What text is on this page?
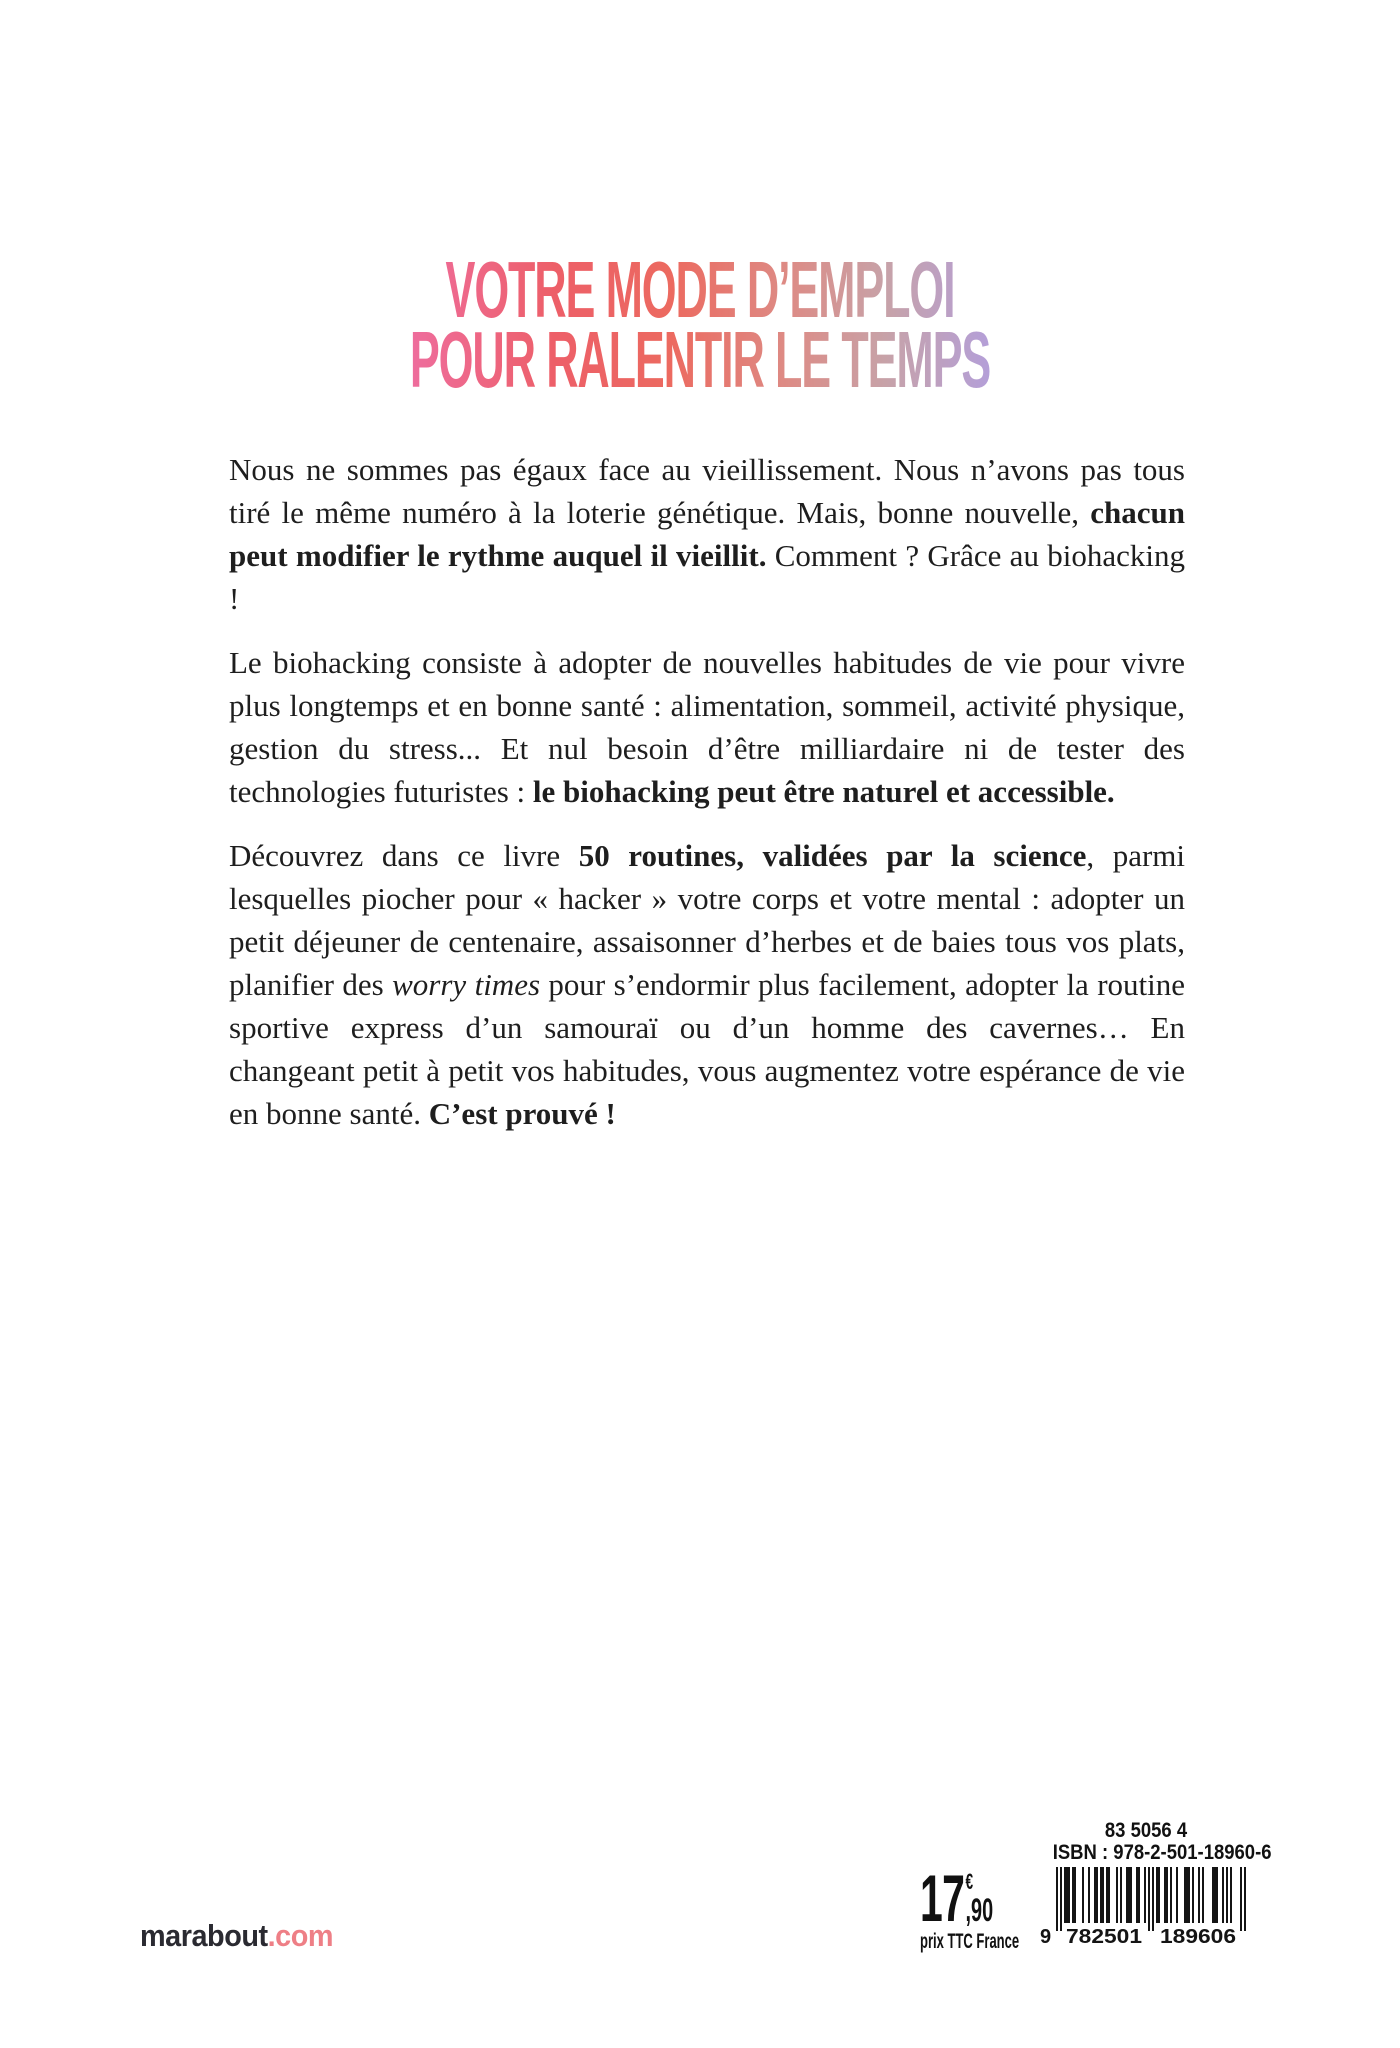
VOTRE MODE D’EMPLOI
POUR RALENTIR LE TEMPS

Nous ne sommes pas égaux face au vieillissement. Nous n’avons pas tous tiré le même numéro à la loterie génétique. Mais, bonne nouvelle, chacun peut modifier le rythme auquel il vieillit. Comment ? Grâce au biohacking !

Le biohacking consiste à adopter de nouvelles habitudes de vie pour vivre plus longtemps et en bonne santé : alimentation, sommeil, activité physique, gestion du stress... Et nul besoin d’être milliardaire ni de tester des technologies futuristes : le biohacking peut être naturel et accessible.

Découvrez dans ce livre 50 routines, validées par la science, parmi lesquelles piocher pour « hacker » votre corps et votre mental : adopter un petit déjeuner de centenaire, assaisonner d’herbes et de baies tous vos plats, planifier des worry times pour s’endormir plus facilement, adopter la routine sportive express d’un samouraï ou d’un homme des cavernes… En changeant petit à petit vos habitudes, vous augmentez votre espérance de vie en bonne santé. C’est prouvé !

marabout.com
17 €
,90
prix TTC France
83 5056 4
ISBN : 978-2-501-18960-6
9 782501 189606
